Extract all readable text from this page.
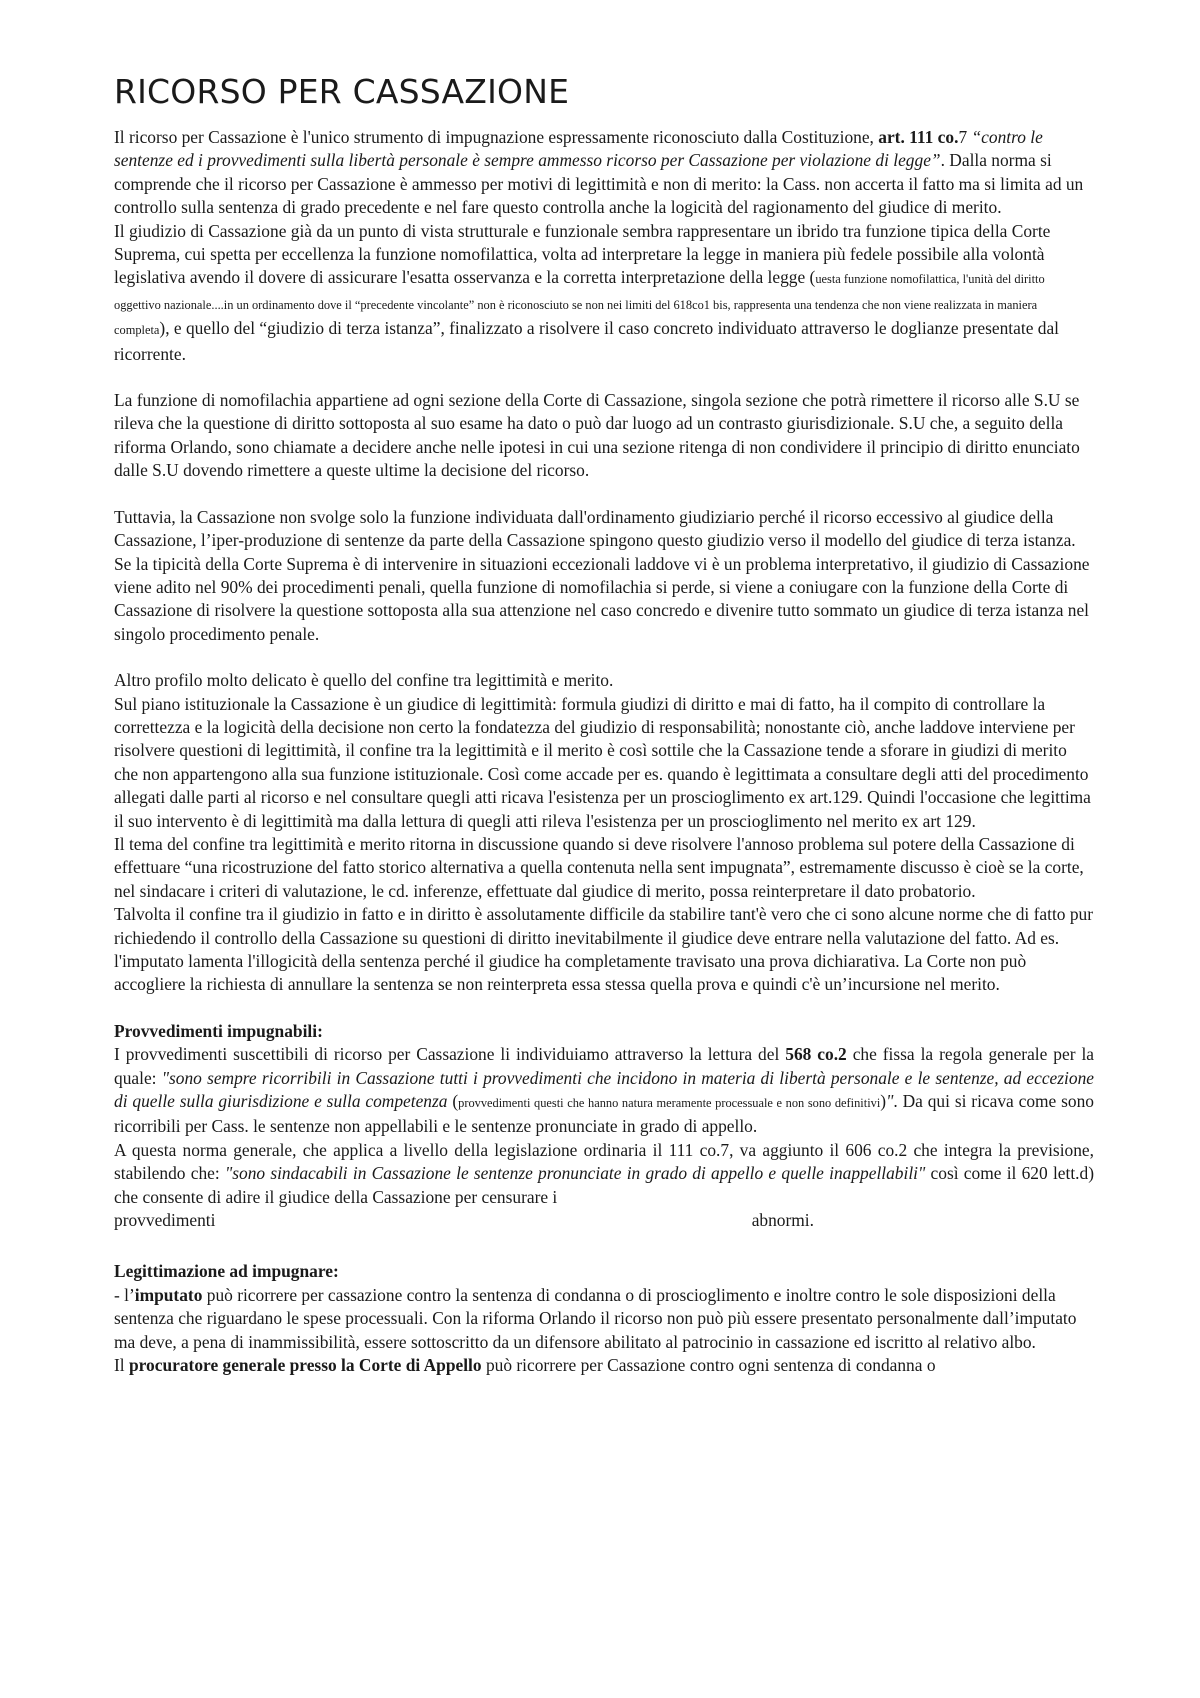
RICORSO PER CASSAZIONE

Il ricorso per Cassazione è l'unico strumento di impugnazione espressamente riconosciuto dalla Costituzione, art. 111 co.7 “contro le sentenze ed i provvedimenti sulla libertà personale è sempre ammesso ricorso per Cassazione per violazione di legge”. Dalla norma si comprende che il ricorso per Cassazione è ammesso per motivi di legittimità e non di merito: la Cass. non accerta il fatto ma si limita ad un controllo sulla sentenza di grado precedente e nel fare questo controlla anche la logicità del ragionamento del giudice di merito.

Il giudizio di Cassazione già da un punto di vista strutturale e funzionale sembra rappresentare un ibrido tra funzione tipica della Corte Suprema, cui spetta per eccellenza la funzione nomofilattica, volta ad interpretare la legge in maniera più fedele possibile alla volontà legislativa avendo il dovere di assicurare l'esatta osservanza e la corretta interpretazione della legge (uesta funzione nomofilattica, l'unità del diritto oggettivo nazionale....in un ordinamento dove il “precedente vincolante” non è riconosciuto se non nei limiti del 618co1 bis, rappresenta una tendenza che non viene realizzata in maniera completa), e quello del “giudizio di terza istanza”, finalizzato a risolvere il caso concreto individuato attraverso le doglianze presentate dal ricorrente.

La funzione di nomofilachia appartiene ad ogni sezione della Corte di Cassazione, singola sezione che potrà rimettere il ricorso alle S.U se rileva che la questione di diritto sottoposta al suo esame ha dato o può dar luogo ad un contrasto giurisdizionale. S.U che, a seguito della riforma Orlando, sono chiamate a decidere anche nelle ipotesi in cui una sezione ritenga di non condividere il principio di diritto enunciato dalle S.U dovendo rimettere a queste ultime la decisione del ricorso.

Tuttavia, la Cassazione non svolge solo la funzione individuata dall'ordinamento giudiziario perché il ricorso eccessivo al giudice della Cassazione, l’iper-produzione di sentenze da parte della Cassazione spingono questo giudizio verso il modello del giudice di terza istanza. Se la tipicità della Corte Suprema è di intervenire in situazioni eccezionali laddove vi è un problema interpretativo, il giudizio di Cassazione viene adito nel 90% dei procedimenti penali, quella funzione di nomofilachia si perde, si viene a coniugare con la funzione della Corte di Cassazione di risolvere la questione sottoposta alla sua attenzione nel caso concredo e divenire tutto sommato un giudice di terza istanza nel singolo procedimento penale.

Altro profilo molto delicato è quello del confine tra legittimità e merito.

Sul piano istituzionale la Cassazione è un giudice di legittimità: formula giudizi di diritto e mai di fatto, ha il compito di controllare la correttezza e la logicità della decisione non certo la fondatezza del giudizio di responsabilità; nonostante ciò, anche laddove interviene per risolvere questioni di legittimità, il confine tra la legittimità e il merito è così sottile che la Cassazione tende a sforare in giudizi di merito che non appartengono alla sua funzione istituzionale. Così come accade per es. quando è legittimata a consultare degli atti del procedimento allegati dalle parti al ricorso e nel consultare quegli atti ricava l'esistenza per un proscioglimento ex art.129. Quindi l'occasione che legittima il suo intervento è di legittimità ma dalla lettura di quegli atti rileva l'esistenza per un proscioglimento nel merito ex art 129.

Il tema del confine tra legittimità e merito ritorna in discussione quando si deve risolvere l'annoso problema sul potere della Cassazione di effettuare “una ricostruzione del fatto storico alternativa a quella contenuta nella sent impugnata”, estremamente discusso è cioè se la corte, nel sindacare i criteri di valutazione, le cd. inferenze, effettuate dal giudice di merito, possa reinterpretare il dato probatorio.

Talvolta il confine tra il giudizio in fatto e in diritto è assolutamente difficile da stabilire tant'è vero che ci sono alcune norme che di fatto pur richiedendo il controllo della Cassazione su questioni di diritto inevitabilmente il giudice deve entrare nella valutazione del fatto. Ad es. l'imputato lamenta l'illogicità della sentenza perché il giudice ha completamente travisato una prova dichiarativa. La Corte non può accogliere la richiesta di annullare la sentenza se non reinterpreta essa stessa quella prova e quindi c'è un’incursione nel merito.

Provvedimenti impugnabili:

I provvedimenti suscettibili di ricorso per Cassazione li individuiamo attraverso la lettura del 568 co.2 che fissa la regola generale per la quale: "sono sempre ricorribili in Cassazione tutti i provvedimenti che incidono in materia di libertà personale e le sentenze, ad eccezione di quelle sulla giurisdizione e sulla competenza (provvedimenti questi che hanno natura meramente processuale e non sono definitivi)". Da qui si ricava come sono ricorribili per Cass. le sentenze non appellabili e le sentenze pronunciate in grado di appello.

A questa norma generale, che applica a livello della legislazione ordinaria il 111 co.7, va aggiunto il 606 co.2 che integra la previsione, stabilendo che: "sono sindacabili in Cassazione le sentenze pronunciate in grado di appello e quelle inappellabili" così come il 620 lett.d) che consente di adire il giudice della Cassazione per censurare i

provvedimenti	abnormi.

Legittimazione ad impugnare:

- l’imputato può ricorrere per cassazione contro la sentenza di condanna o di proscioglimento e inoltre contro le sole disposizioni della sentenza che riguardano le spese processuali. Con la riforma Orlando il ricorso non può più essere presentato personalmente dall’imputato ma deve, a pena di inammissibilità, essere sottoscritto da un difensore abilitato al patrocinio in cassazione ed iscritto al relativo albo.

Il procuratore generale presso la Corte di Appello può ricorrere per Cassazione contro ogni sentenza di condanna o
